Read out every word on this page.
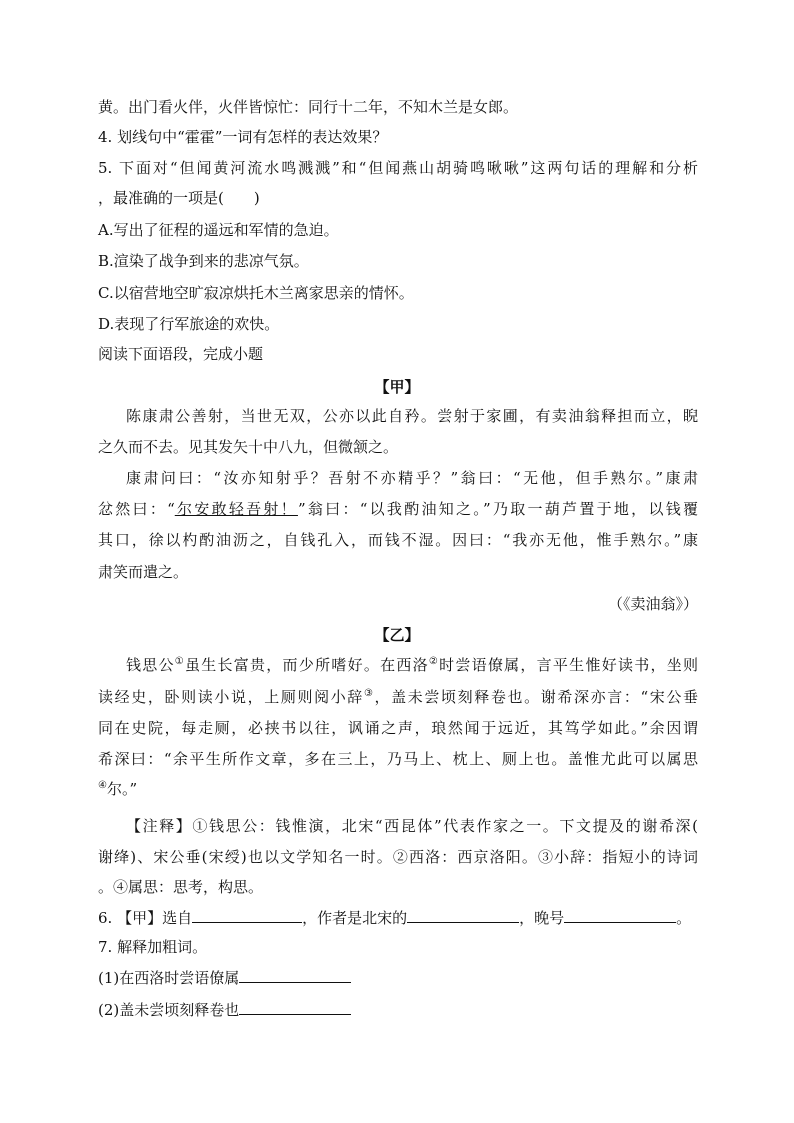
黄。出门看火伴，火伴皆惊忙：同行十二年，不知木兰是女郎。
4. 划线句中“霍霍”一词有怎样的表达效果？
5. 下面对“但闻黄河流水鸣溅溅”和“但闻燕山胡骑鸣啾啾”这两句话的理解和分析
，最准确的一项是(　　)
A.写出了征程的遥远和军情的急迫。
B.渲染了战争到来的悲凉气氛。
C.以宿营地空旷寂凉烘托木兰离家思亲的情怀。
D.表现了行军旅途的欢快。
阅读下面语段，完成小题
【甲】
陈康肃公善射，当世无双，公亦以此自矜。尝射于家圃，有卖油翁释担而立，睨
之久而不去。见其发矢十中八九，但微颔之。
康肃问曰：“汝亦知射乎？吾射不亦精乎？”翁曰：“无他，但手熟尔。”康肃
忿然曰：“尔安敢轻吾射！”翁曰：“以我酌油知之。”乃取一葫芦置于地，以钱覆
其口，徐以杓酌油沥之，自钱孔入，而钱不湿。因曰：“我亦无他，惟手熟尔。”康
肃笑而遣之。
（《卖油翁》）
【乙】
钱思公①虽生长富贵，而少所嗜好。在西洛②时尝语僚属，言平生惟好读书，坐则
读经史，卧则读小说，上厕则阅小辞③，盖未尝顷刻释卷也。谢希深亦言：“宋公垂
同在史院，每走厕，必挟书以往，讽诵之声，琅然闻于远近，其笃学如此。”余因谓
希深曰：“余平生所作文章，多在三上，乃马上、枕上、厕上也。盖惟尤此可以属思
④尔。”
【注释】①钱思公：钱惟演，北宋“西昆体”代表作家之一。下文提及的谢希深(
谢绛)、宋公垂(宋绶)也以文学知名一时。②西洛：西京洛阳。③小辞：指短小的诗词
。④属思：思考，构思。
6. 【甲】选自	，作者是北宋的	，晚号	。
7. 解释加粗词。
(1)在西洛时尝语僚属
(2)盖未尝顷刻释卷也
